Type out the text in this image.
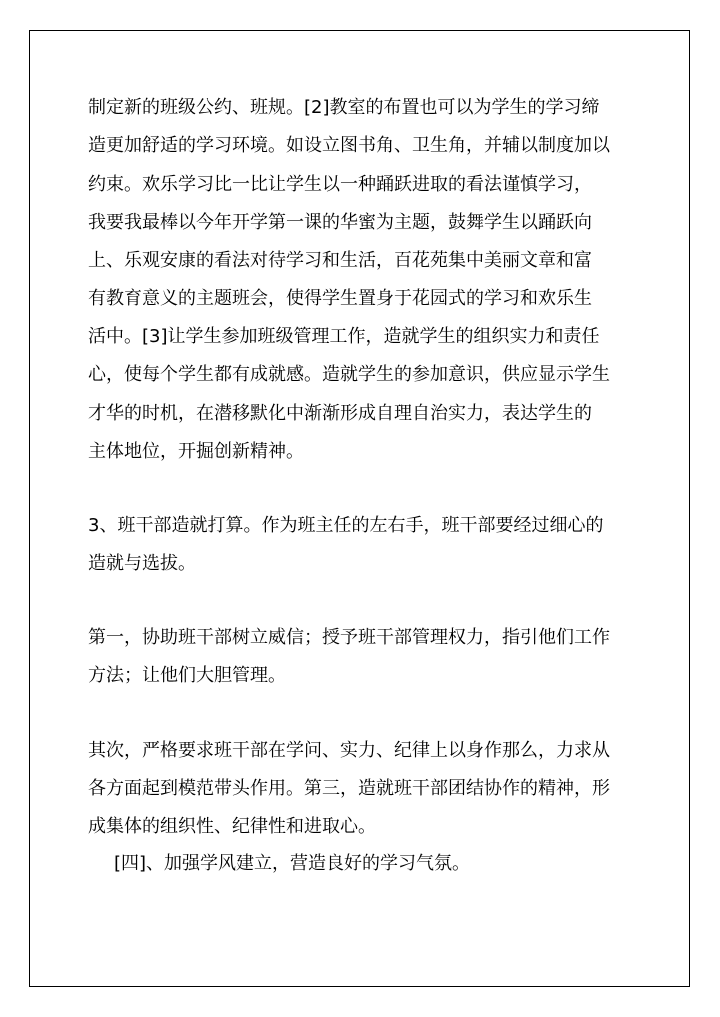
制定新的班级公约、班规。[2]教室的布置也可以为学生的学习缔
造更加舒适的学习环境。如设立图书角、卫生角，并辅以制度加以
约束。欢乐学习比一比让学生以一种踊跃进取的看法谨慎学习，
我要我最棒以今年开学第一课的华蜜为主题，鼓舞学生以踊跃向
上、乐观安康的看法对待学习和生活，百花苑集中美丽文章和富
有教育意义的主题班会，使得学生置身于花园式的学习和欢乐生
活中。[3]让学生参加班级管理工作，造就学生的组织实力和责任
心，使每个学生都有成就感。造就学生的参加意识，供应显示学生
才华的时机，在潜移默化中渐渐形成自理自治实力，表达学生的
主体地位，开掘创新精神。
3、班干部造就打算。作为班主任的左右手，班干部要经过细心的
造就与选拔。
第一，协助班干部树立威信；授予班干部管理权力，指引他们工作
方法；让他们大胆管理。
其次，严格要求班干部在学问、实力、纪律上以身作那么，力求从
各方面起到模范带头作用。第三，造就班干部团结协作的精神，形
成集体的组织性、纪律性和进取心。
[四]、加强学风建立，营造良好的学习气氛。
